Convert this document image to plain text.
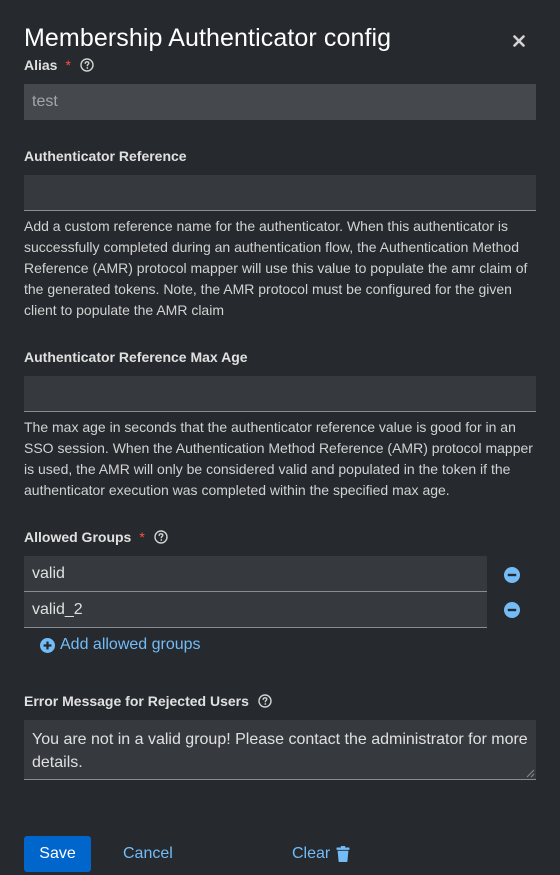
Membership Authenticator config
Alias *
test
Authenticator Reference
Add a custom reference name for the authenticator. When this authenticator is successfully completed during an authentication flow, the Authentication Method Reference (AMR) protocol mapper will use this value to populate the amr claim of the generated tokens. Note, the AMR protocol must be configured for the given client to populate the AMR claim
Authenticator Reference Max Age
The max age in seconds that the authenticator reference value is good for in an SSO session. When the Authentication Method Reference (AMR) protocol mapper is used, the AMR will only be considered valid and populated in the token if the authenticator execution was completed within the specified max age.
Allowed Groups *
valid
valid_2
Add allowed groups
Error Message for Rejected Users
You are not in a valid group! Please contact the administrator for more details.
Save	Cancel	Clear
